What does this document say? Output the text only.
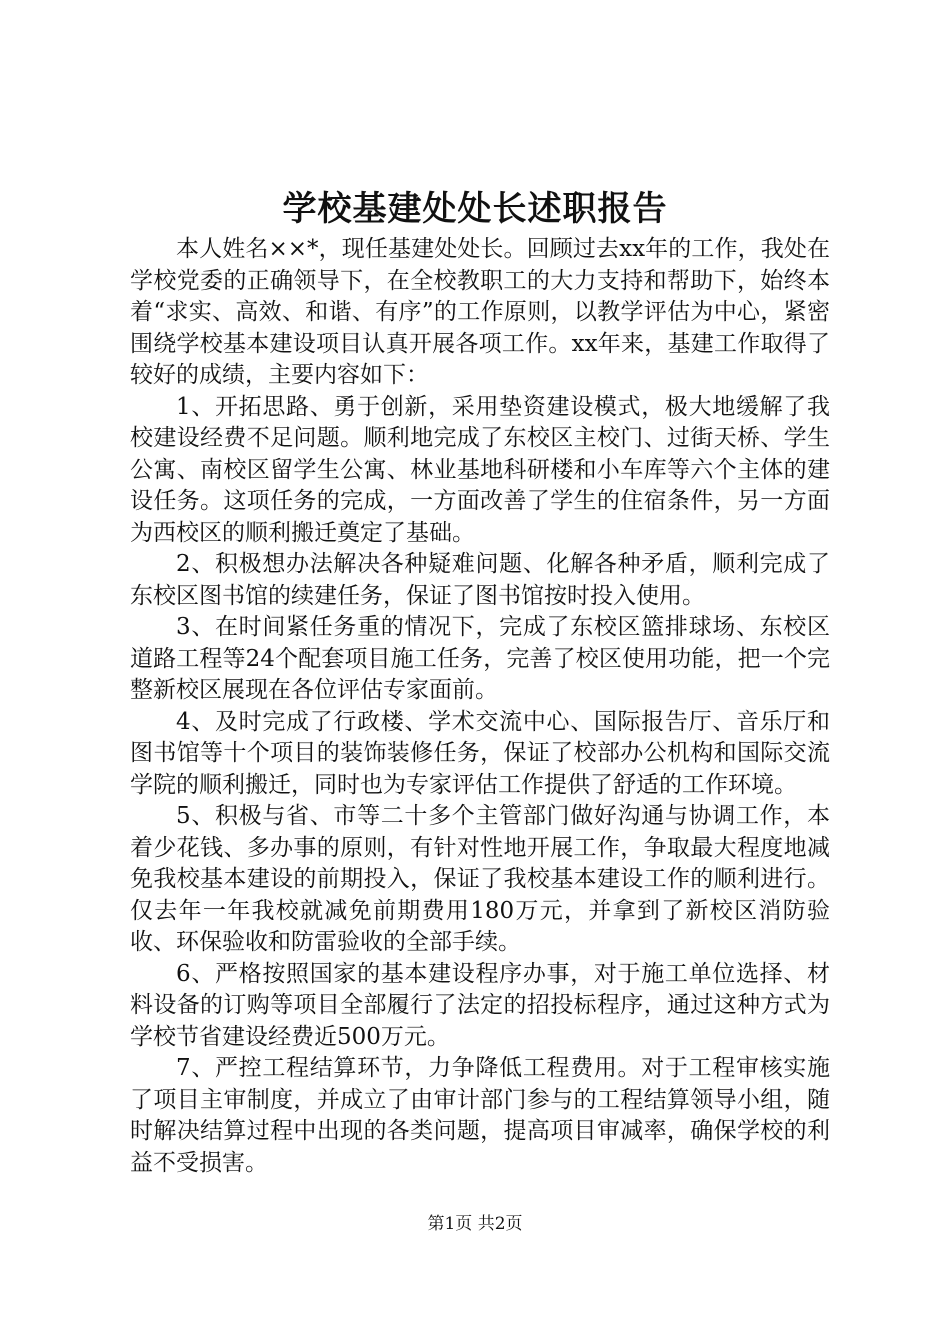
学校基建处处长述职报告

本人姓名××*，现任基建处处长。回顾过去xx年的工作，我处在学校党委的正确领导下，在全校教职工的大力支持和帮助下，始终本着“求实、高效、和谐、有序”的工作原则，以教学评估为中心，紧密围绕学校基本建设项目认真开展各项工作。xx年来，基建工作取得了较好的成绩，主要内容如下：

1、开拓思路、勇于创新，采用垫资建设模式，极大地缓解了我校建设经费不足问题。顺利地完成了东校区主校门、过街天桥、学生公寓、南校区留学生公寓、林业基地科研楼和小车库等六个主体的建设任务。这项任务的完成，一方面改善了学生的住宿条件，另一方面为西校区的顺利搬迁奠定了基础。

2、积极想办法解决各种疑难问题、化解各种矛盾，顺利完成了东校区图书馆的续建任务，保证了图书馆按时投入使用。

3、在时间紧任务重的情况下，完成了东校区篮排球场、东校区道路工程等24个配套项目施工任务，完善了校区使用功能，把一个完整新校区展现在各位评估专家面前。

4、及时完成了行政楼、学术交流中心、国际报告厅、音乐厅和图书馆等十个项目的装饰装修任务，保证了校部办公机构和国际交流学院的顺利搬迁，同时也为专家评估工作提供了舒适的工作环境。

5、积极与省、市等二十多个主管部门做好沟通与协调工作，本着少花钱、多办事的原则，有针对性地开展工作，争取最大程度地减免我校基本建设的前期投入，保证了我校基本建设工作的顺利进行。仅去年一年我校就减免前期费用180万元，并拿到了新校区消防验收、环保验收和防雷验收的全部手续。

6、严格按照国家的基本建设程序办事，对于施工单位选择、材料设备的订购等项目全部履行了法定的招投标程序，通过这种方式为学校节省建设经费近500万元。

7、严控工程结算环节，力争降低工程费用。对于工程审核实施了项目主审制度，并成立了由审计部门参与的工程结算领导小组，随时解决结算过程中出现的各类问题，提高项目审减率，确保学校的利益不受损害。

第1页 共2页
